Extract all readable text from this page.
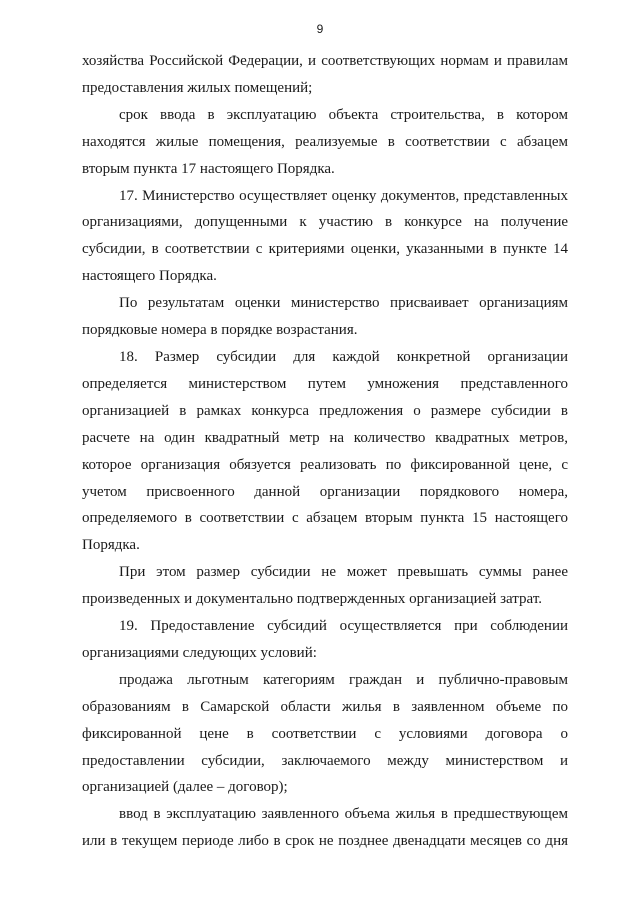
9

хозяйства Российской Федерации, и соответствующих нормам и правилам
предоставления жилых помещений;

срок ввода в эксплуатацию объекта строительства, в котором
находятся жилые помещения, реализуемые в соответствии с абзацем
вторым пункта 17 настоящего Порядка.

17. Министерство осуществляет оценку документов, представленных
организациями, допущенными к участию в конкурсе на получение
субсидии, в соответствии с критериями оценки, указанными в пункте 14
настоящего Порядка.

По результатам оценки министерство присваивает организациям
порядковые номера в порядке возрастания.

18. Размер субсидии для каждой конкретной организации
определяется министерством путем умножения представленного
организацией в рамках конкурса предложения о размере субсидии в
расчете на один квадратный метр на количество квадратных метров,
которое организация обязуется реализовать по фиксированной цене, с
учетом присвоенного данной организации порядкового номера,
определяемого в соответствии с абзацем вторым пункта 15 настоящего
Порядка.

При этом размер субсидии не может превышать суммы ранее
произведенных и документально подтвержденных организацией затрат.

19. Предоставление субсидий осуществляется при соблюдении
организациями следующих условий:

продажа льготным категориям граждан и публично-правовым
образованиям в Самарской области жилья в заявленном объеме по
фиксированной цене в соответствии с условиями договора о
предоставлении субсидии, заключаемого между министерством и
организацией (далее – договор);

ввод в эксплуатацию заявленного объема жилья в предшествующем
или в текущем периоде либо в срок не позднее двенадцати месяцев со дня
